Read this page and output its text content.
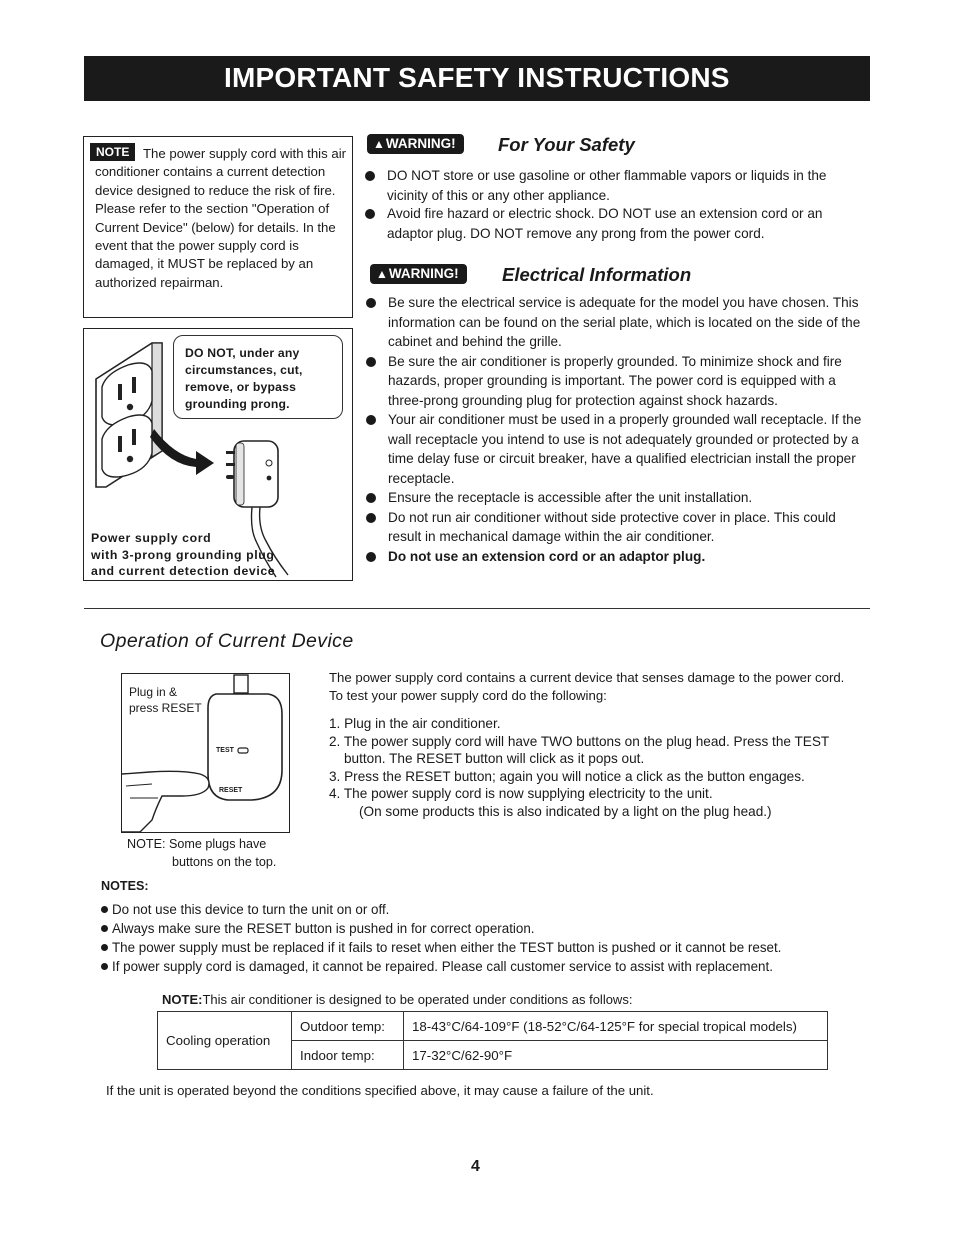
IMPORTANT SAFETY INSTRUCTIONS
NOTE	The power supply cord with this air conditioner contains a current detection device designed to reduce the risk of fire. Please refer to the section "Operation of Current Device" (below) for details. In the event that the power supply cord is damaged, it MUST be replaced by an authorized repairman.
DO NOT, under any circumstances, cut, remove, or bypass grounding prong.
Power supply cord
with 3-prong grounding plug
and current detection device
▲WARNING!	For Your Safety
DO NOT store or use gasoline or other flammable vapors or liquids in the vicinity of this or any other appliance.
Avoid fire hazard or electric shock. DO NOT use an extension cord or an adaptor plug. DO NOT remove any prong from the power cord.
▲WARNING!	Electrical Information
Be sure the electrical service is adequate for the model you have chosen. This information can be found on the serial plate, which is located on the side of the cabinet and behind the grille.
Be sure the air conditioner is properly grounded. To minimize shock and fire hazards, proper grounding is important. The power cord is equipped with a three-prong grounding plug for protection against shock hazards.
Your air conditioner must be used in a properly grounded wall receptacle. If the wall receptacle you intend to use is not adequately grounded or protected by a time delay fuse or circuit breaker, have a qualified electrician install the proper receptacle.
Ensure the receptacle is accessible after the unit installation.
Do not run air conditioner without side protective cover in place. This could result in mechanical damage within the air conditioner.
Do not use an extension cord or an adaptor plug.
Operation of Current Device
Plug in &
press RESET
TEST
RESET
NOTE: Some plugs have
buttons on the top.
The power supply cord contains a current device that senses damage to the power cord. To test your power supply cord do the following:
1. Plug in the air conditioner.
2. The power supply cord will have TWO buttons on the plug head. Press the TEST button. The RESET button will click as it pops out.
3. Press the RESET button; again you will notice a click as the button engages.
4. The power supply cord is now supplying electricity to the unit.
(On some products this is also indicated by a light on the plug head.)
NOTES:
Do not use this device to turn the unit on or off.
Always make sure the RESET button is pushed in for correct operation.
The power supply must be replaced if it fails to reset when either the TEST button is pushed or it cannot be reset.
If power supply cord is damaged, it cannot be repaired. Please call customer service to assist with replacement.
NOTE:This air conditioner is designed to be operated under conditions as follows:
Cooling operation	Outdoor temp:	18-43°C/64-109°F (18-52°C/64-125°F for special tropical models)
	Indoor temp:	17-32°C/62-90°F
If the unit is operated beyond the conditions specified above, it may cause a failure of the unit.
4
